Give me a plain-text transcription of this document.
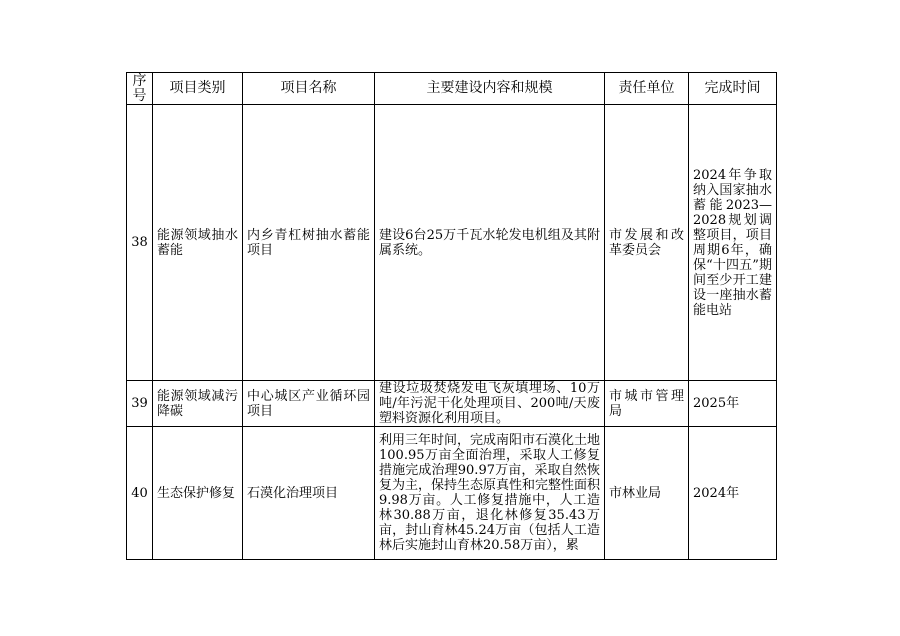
序号	项目类别	项目名称	主要建设内容和规模	责任单位	完成时间
38	能源领域抽水蓄能	内乡青杠树抽水蓄能项目	建设6台25万千瓦水轮发电机组及其附属系统。	市发展和改革委员会	2024年争取纳入国家抽水蓄能2023—2028规划调整项目，项目周期6年，确保“十四五”期间至少开工建设一座抽水蓄能电站
39	能源领域减污降碳	中心城区产业循环园项目	建设垃圾焚烧发电飞灰填埋场、10万吨/年污泥干化处理项目、200吨/天废塑料资源化利用项目。	市城市管理局	2025年
40	生态保护修复	石漠化治理项目	利用三年时间，完成南阳市石漠化土地100.95万亩全面治理，采取人工修复措施完成治理90.97万亩，采取自然恢复为主，保持生态原真性和完整性面积9.98万亩。人工修复措施中，人工造林30.88万亩，退化林修复35.43万亩，封山育林45.24万亩（包括人工造林后实施封山育林20.58万亩），累	市林业局	2024年
